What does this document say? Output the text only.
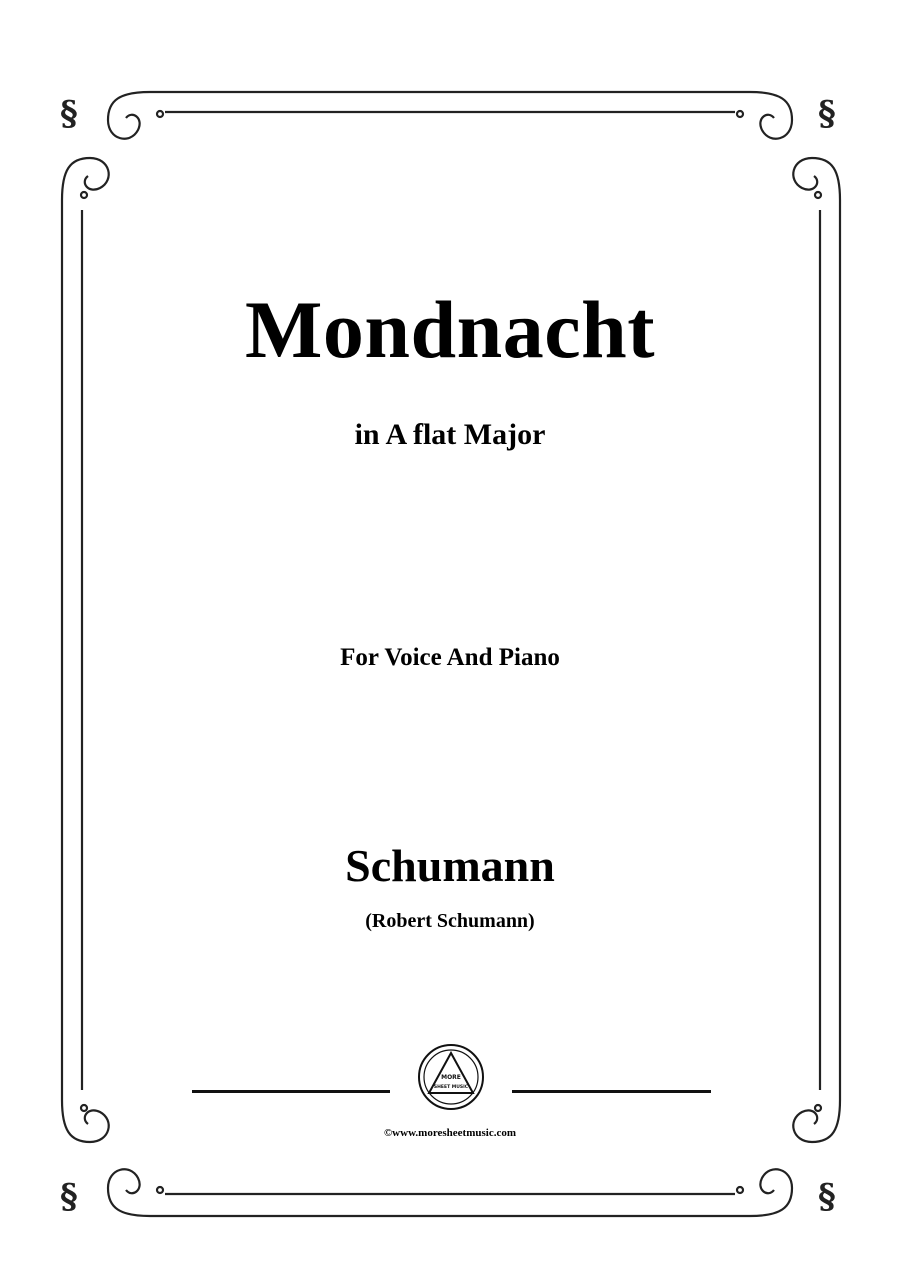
§	§
§	§
Mondnacht
in A flat Major
For Voice And Piano
Schumann
(Robert Schumann)
MORE
SHEET MUSIC
©www.moresheetmusic.com
